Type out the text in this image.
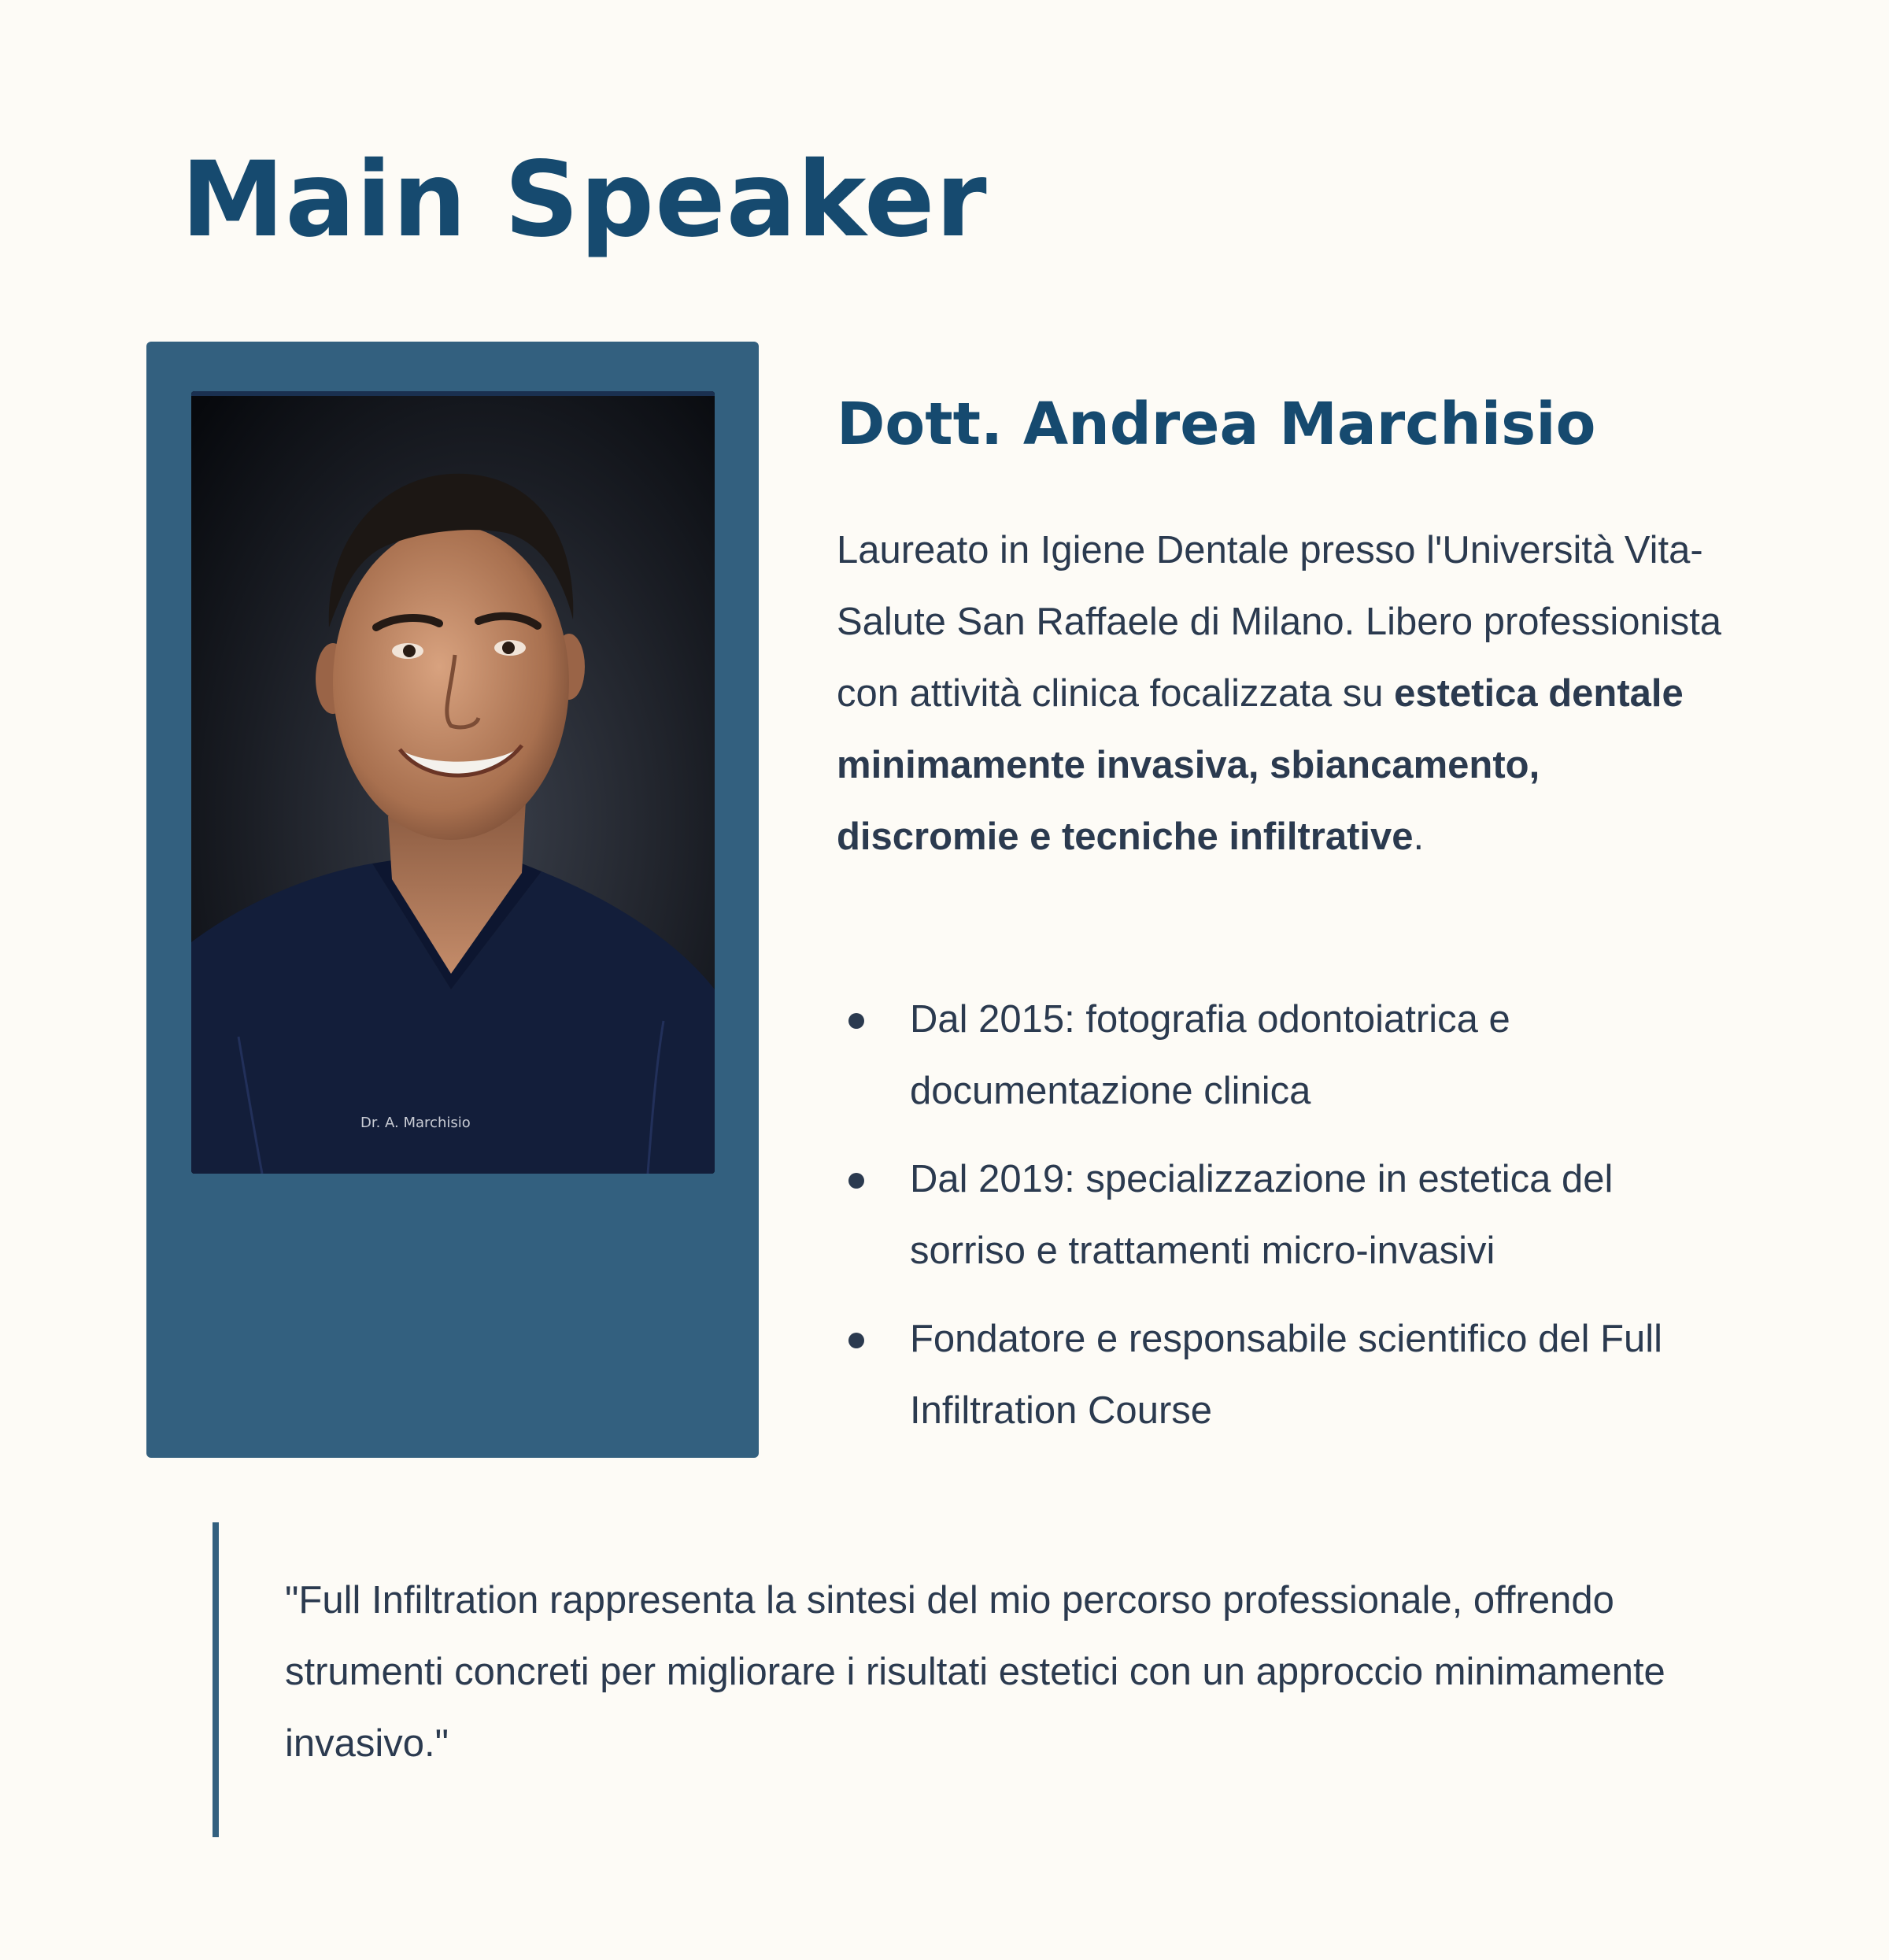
Main Speaker
Dr. A. Marchisio
Dott. Andrea Marchisio

Laureato in Igiene Dentale presso l'Università Vita-Salute San Raffaele di Milano. Libero professionista con attività clinica focalizzata su estetica dentale minimamente invasiva, sbiancamento, discromie e tecniche infiltrative.

Dal 2015: fotografia odontoiatrica e documentazione clinica
Dal 2019: specializzazione in estetica del sorriso e trattamenti micro-invasivi
Fondatore e responsabile scientifico del Full Infiltration Course

"Full Infiltration rappresenta la sintesi del mio percorso professionale, offrendo strumenti concreti per migliorare i risultati estetici con un approccio minimamente invasivo."
